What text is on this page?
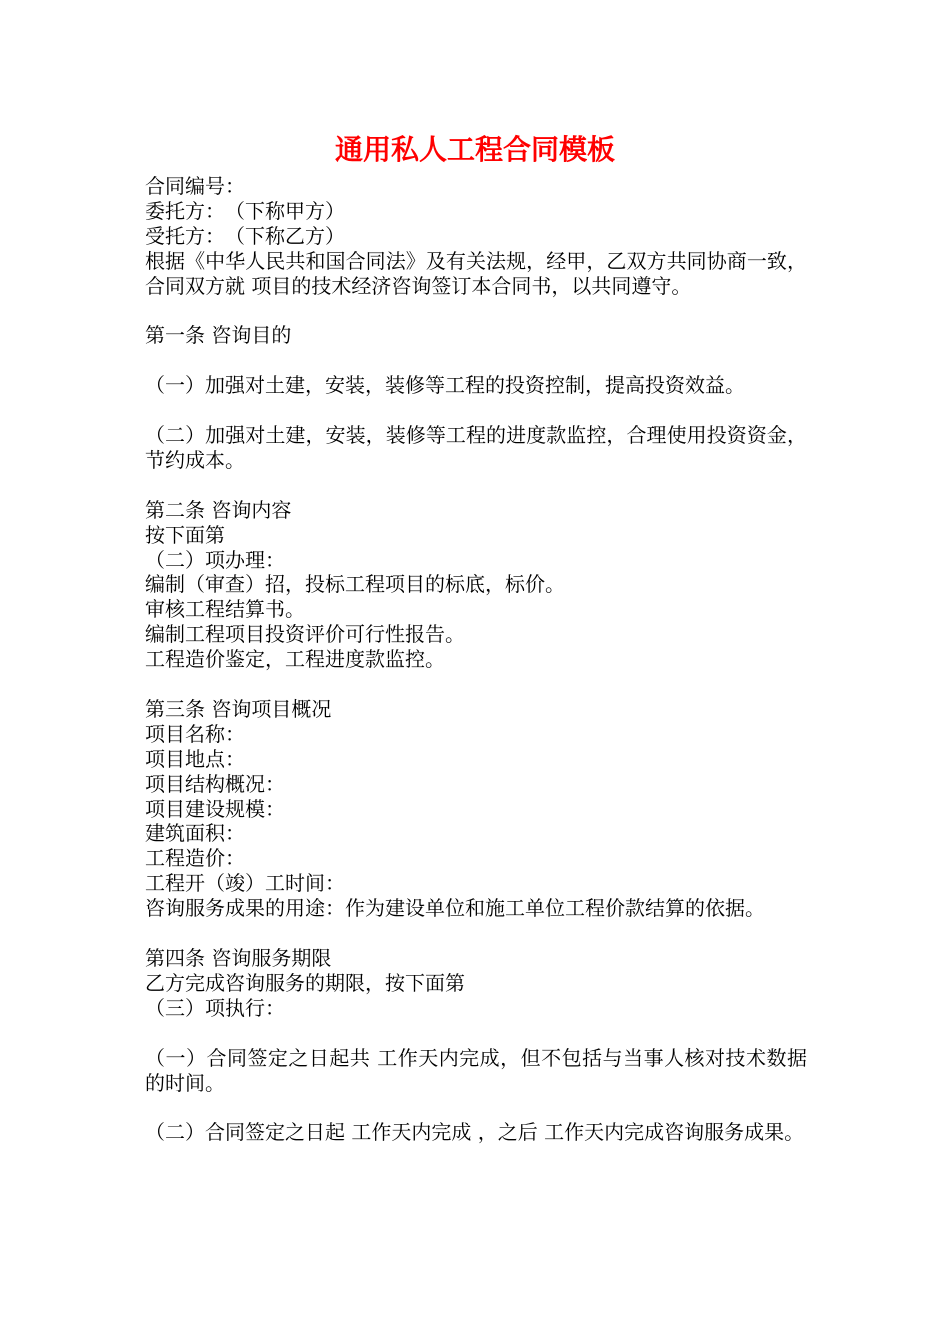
通用私人工程合同模板

合同编号：

委托方：　（下称甲方）

受托方：　（下称乙方）

根据《中华人民共和国合同法》及有关法规，经甲，乙双方共同协商一致，合同双方就 项目的技术经济咨询签订本合同书，以共同遵守。

第一条 咨询目的

（一）加强对土建，安装，装修等工程的投资控制，提高投资效益。

（二）加强对土建，安装，装修等工程的进度款监控，合理使用投资资金，节约成本。

第二条 咨询内容

按下面第

（二）项办理：

编制（审查）招，投标工程项目的标底，标价。

审核工程结算书。

编制工程项目投资评价可行性报告。

工程造价鉴定，工程进度款监控。

第三条 咨询项目概况

项目名称：

项目地点：

项目结构概况：

项目建设规模：

建筑面积：

工程造价：

工程开（竣）工时间：

咨询服务成果的用途：作为建设单位和施工单位工程价款结算的依据。

第四条 咨询服务期限

乙方完成咨询服务的期限，按下面第

（三）项执行：

（一）合同签定之日起共 工作天内完成，但不包括与当事人核对技术数据的时间。

（二）合同签定之日起 工作天内完成 ，之后 工作天内完成咨询服务成果。
